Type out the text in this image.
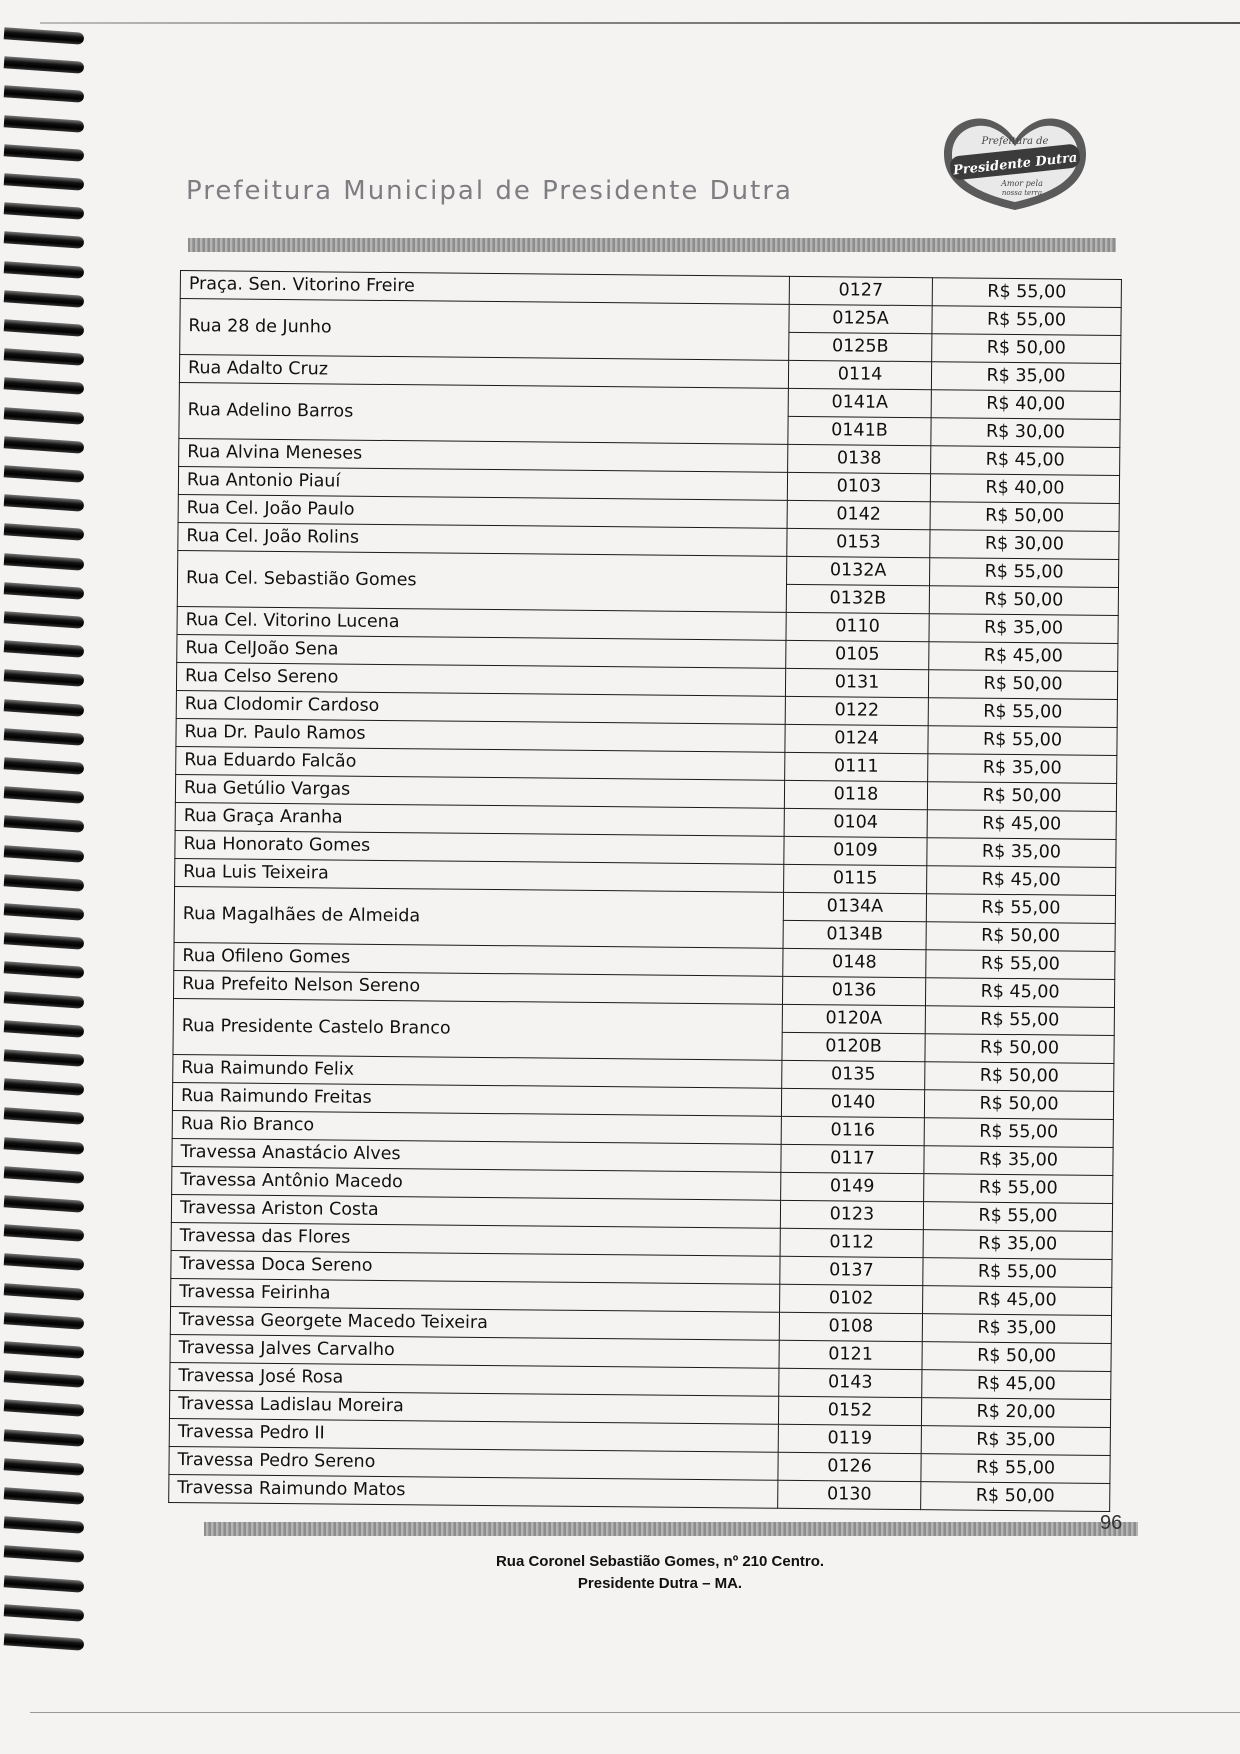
Prefeitura Municipal de Presidente Dutra
Prefeitura de
Presidente Dutra
Amor pela
nossa terra
Praça. Sen. Vitorino Freire	0127	R$ 55,00
Rua 28 de Junho	0125A	R$ 55,00
	0125B	R$ 50,00
Rua Adalto Cruz	0114	R$ 35,00
Rua Adelino Barros	0141A	R$ 40,00
	0141B	R$ 30,00
Rua Alvina Meneses	0138	R$ 45,00
Rua Antonio Piauí	0103	R$ 40,00
Rua Cel. João Paulo	0142	R$ 50,00
Rua Cel. João Rolins	0153	R$ 30,00
Rua Cel. Sebastião Gomes	0132A	R$ 55,00
	0132B	R$ 50,00
Rua Cel. Vitorino Lucena	0110	R$ 35,00
Rua CelJoão Sena	0105	R$ 45,00
Rua Celso Sereno	0131	R$ 50,00
Rua Clodomir Cardoso	0122	R$ 55,00
Rua Dr. Paulo Ramos	0124	R$ 55,00
Rua Eduardo Falcão	0111	R$ 35,00
Rua Getúlio Vargas	0118	R$ 50,00
Rua Graça Aranha	0104	R$ 45,00
Rua Honorato Gomes	0109	R$ 35,00
Rua Luis Teixeira	0115	R$ 45,00
Rua Magalhães de Almeida	0134A	R$ 55,00
	0134B	R$ 50,00
Rua Ofileno Gomes	0148	R$ 55,00
Rua Prefeito Nelson Sereno	0136	R$ 45,00
Rua Presidente Castelo Branco	0120A	R$ 55,00
	0120B	R$ 50,00
Rua Raimundo Felix	0135	R$ 50,00
Rua Raimundo Freitas	0140	R$ 50,00
Rua Rio Branco	0116	R$ 55,00
Travessa Anastácio Alves	0117	R$ 35,00
Travessa Antônio Macedo	0149	R$ 55,00
Travessa Ariston Costa	0123	R$ 55,00
Travessa das Flores	0112	R$ 35,00
Travessa Doca Sereno	0137	R$ 55,00
Travessa Feirinha	0102	R$ 45,00
Travessa Georgete Macedo Teixeira	0108	R$ 35,00
Travessa Jalves Carvalho	0121	R$ 50,00
Travessa José Rosa	0143	R$ 45,00
Travessa Ladislau Moreira	0152	R$ 20,00
Travessa Pedro II	0119	R$ 35,00
Travessa Pedro Sereno	0126	R$ 55,00
Travessa Raimundo Matos	0130	R$ 50,00
96
Rua Coronel Sebastião Gomes, nº 210 Centro.
Presidente Dutra – MA.
